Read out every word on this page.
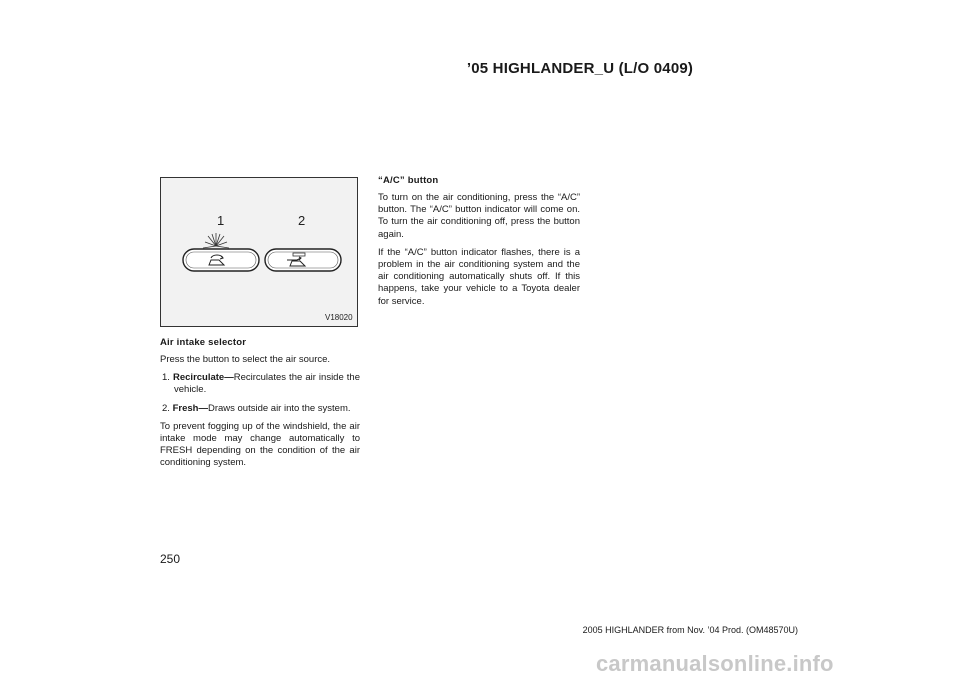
’05 HIGHLANDER_U (L/O 0409)
1	2
V18020
Air intake selector
Press the button to select the air source.
1. Recirculate—Recirculates the air inside the vehicle.
2. Fresh—Draws outside air into the system.
To prevent fogging up of the windshield, the air intake mode may change automatically to FRESH depending on the condition of the air conditioning system.
“A/C” button
To turn on the air conditioning, press the “A/C” button. The “A/C” button indicator will come on. To turn the air conditioning off, press the button again.
If the “A/C” button indicator flashes, there is a problem in the air conditioning system and the air conditioning automatically shuts off. If this happens, take your vehicle to a Toyota dealer for service.
250
2005 HIGHLANDER from Nov. ’04 Prod. (OM48570U)
carmanualsonline.info
